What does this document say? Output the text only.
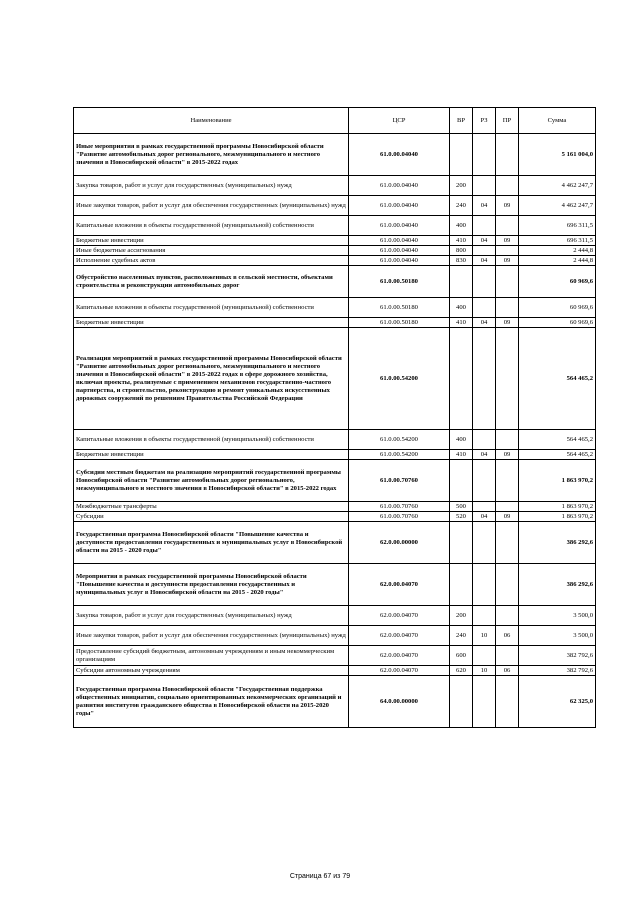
Наименование	ЦСР	ВР	РЗ	ПР	Сумма
Иные мероприятия в рамках государственной программы Новосибирской области "Развитие автомобильных дорог регионального, межмуниципального и местного значения в Новосибирской области" в 2015-2022 годах	61.0.00.04040				5 161 004,0
Закупка товаров, работ и услуг для государственных (муниципальных) нужд	61.0.00.04040	200			4 462 247,7
Иные закупки товаров, работ и услуг для обеспечения государственных (муниципальных) нужд	61.0.00.04040	240	04	09	4 462 247,7
Капитальные вложения в объекты государственной (муниципальной) собственности	61.0.00.04040	400			696 311,5
Бюджетные инвестиции	61.0.00.04040	410	04	09	696 311,5
Иные бюджетные ассигнования	61.0.00.04040	800			2 444,8
Исполнение судебных актов	61.0.00.04040	830	04	09	2 444,8
Обустройство населенных пунктов, расположенных в сельской местности, объектами строительства и реконструкции автомобильных дорог	61.0.00.50180				60 969,6
Капитальные вложения в объекты государственной (муниципальной) собственности	61.0.00.50180	400			60 969,6
Бюджетные инвестиции	61.0.00.50180	410	04	09	60 969,6
Реализация мероприятий в рамках государственной программы Новосибирской области "Развитие автомобильных дорог регионального, межмуниципального и местного значения в Новосибирской области" в 2015-2022 годах в сфере дорожного хозяйства, включая проекты, реализуемые с применением механизмов государственно-частного партнерства, и строительство, реконструкцию и ремонт уникальных искусственных дорожных сооружений по решениям Правительства Российской Федерации	61.0.00.54200				564 465,2
Капитальные вложения в объекты государственной (муниципальной) собственности	61.0.00.54200	400			564 465,2
Бюджетные инвестиции	61.0.00.54200	410	04	09	564 465,2
Субсидии местным бюджетам на реализацию мероприятий государственной программы Новосибирской области "Развитие автомобильных дорог регионального, межмуниципального и местного значения в Новосибирской области" в 2015-2022 годах	61.0.00.70760				1 863 970,2
Межбюджетные трансферты	61.0.00.70760	500			1 863 970,2
Субсидии	61.0.00.70760	520	04	09	1 863 970,2
Государственная программа Новосибирской области "Повышение качества и доступности предоставления государственных и муниципальных услуг в Новосибирской области на 2015 - 2020 годы"	62.0.00.00000				386 292,6
Мероприятия в рамках государственной программы Новосибирской области "Повышение качества и доступности предоставления государственных и муниципальных услуг в Новосибирской области на 2015 - 2020 годы"	62.0.00.04070				386 292,6
Закупка товаров, работ и услуг для государственных (муниципальных) нужд	62.0.00.04070	200			3 500,0
Иные закупки товаров, работ и услуг для обеспечения государственных (муниципальных) нужд	62.0.00.04070	240	10	06	3 500,0
Предоставление субсидий бюджетным, автономным учреждениям и иным некоммерческим организациям	62.0.00.04070	600			382 792,6
Субсидии автономным учреждениям	62.0.00.04070	620	10	06	382 792,6
Государственная программа Новосибирской области "Государственная поддержка общественных инициатив, социально ориентированных некоммерческих организаций и развития институтов гражданского общества в Новосибирской области на 2015-2020 годы"	64.0.00.00000				62 325,0
Страница 67 из 79
